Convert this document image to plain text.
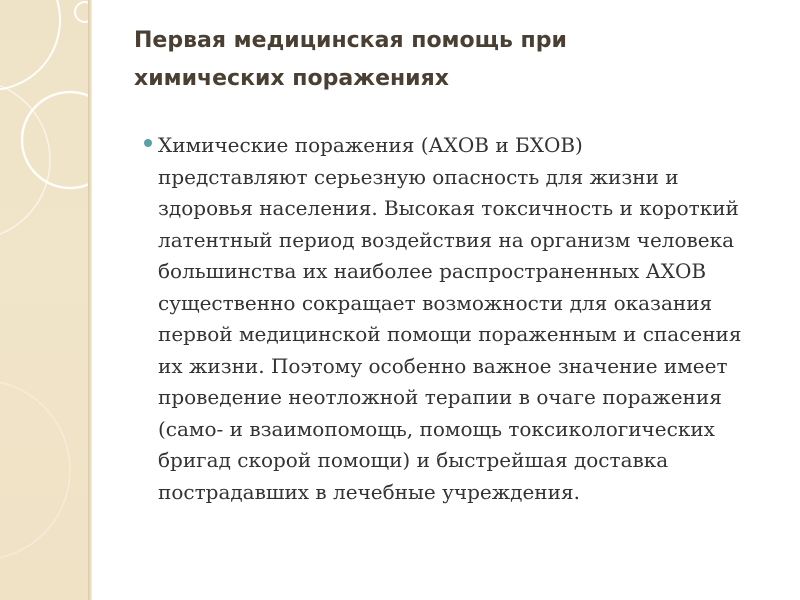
Первая медицинская помощь при
химических поражениях

Химические поражения (АХОВ и БХОВ)
представляют серьезную опасность для жизни и
здоровья населения. Высокая токсичность и короткий
латентный период воздействия на организм человека
большинства их наиболее распространенных АХОВ
существенно сокращает возможности для оказания
первой медицинской помощи пораженным и спасения
их жизни. Поэтому особенно важное значение имеет
проведение неотложной терапии в очаге поражения
(само- и взаимопомощь, помощь токсикологических
бригад скорой помощи) и быстрейшая доставка
пострадавших в лечебные учреждения.
